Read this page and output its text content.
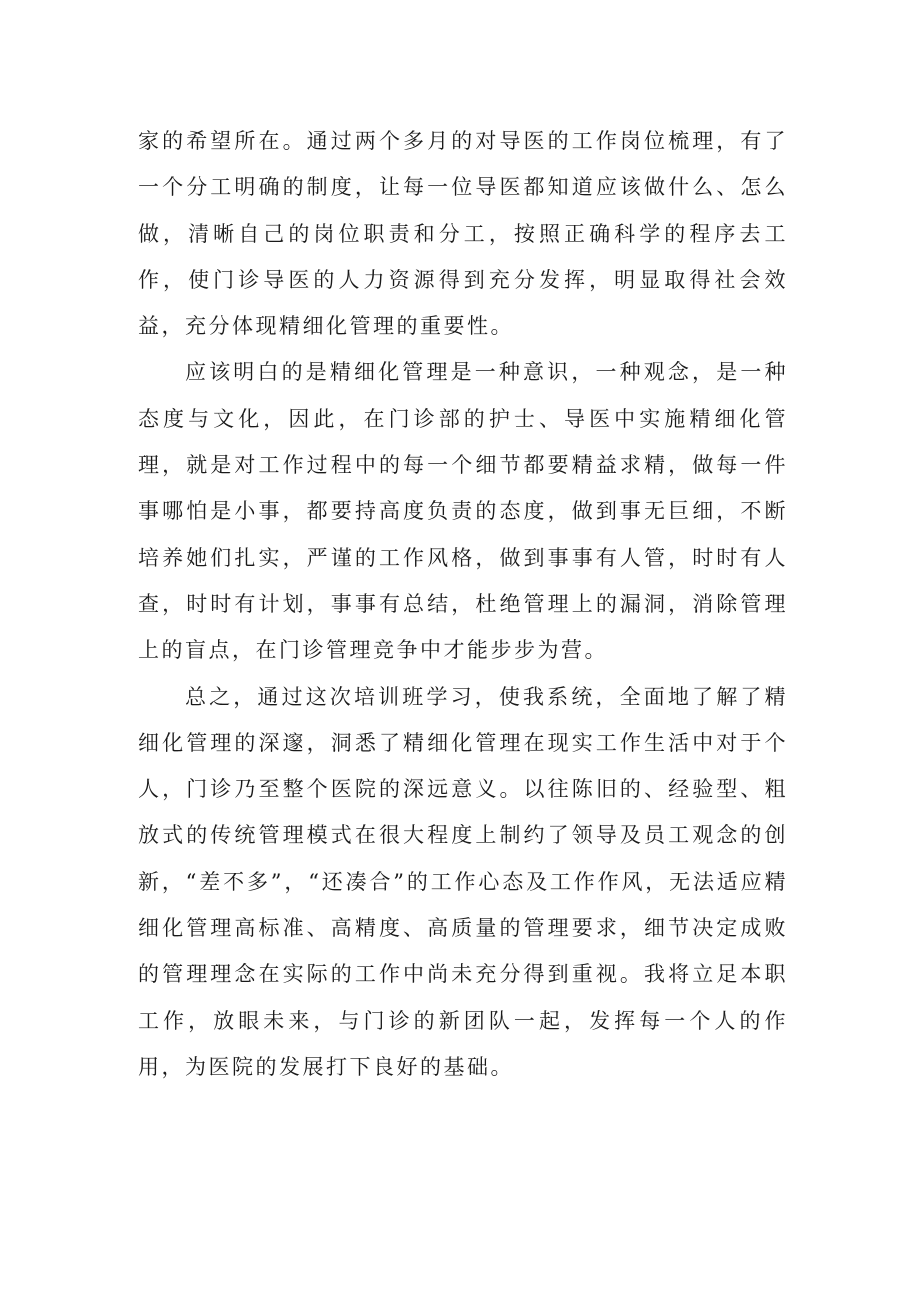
家的希望所在。通过两个多月的对导医的工作岗位梳理，有了一个分工明确的制度，让每一位导医都知道应该做什么、怎么做，清晰自己的岗位职责和分工，按照正确科学的程序去工作，使门诊导医的人力资源得到充分发挥，明显取得社会效益，充分体现精细化管理的重要性。

应该明白的是精细化管理是一种意识，一种观念，是一种态度与文化，因此，在门诊部的护士、导医中实施精细化管理，就是对工作过程中的每一个细节都要精益求精，做每一件事哪怕是小事，都要持高度负责的态度，做到事无巨细，不断培养她们扎实，严谨的工作风格，做到事事有人管，时时有人查，时时有计划，事事有总结，杜绝管理上的漏洞，消除管理上的盲点，在门诊管理竞争中才能步步为营。

总之，通过这次培训班学习，使我系统，全面地了解了精细化管理的深邃，洞悉了精细化管理在现实工作生活中对于个人，门诊乃至整个医院的深远意义。以往陈旧的、经验型、粗放式的传统管理模式在很大程度上制约了领导及员工观念的创新，“差不多”，“还凑合”的工作心态及工作作风，无法适应精细化管理高标准、高精度、高质量的管理要求，细节决定成败的管理理念在实际的工作中尚未充分得到重视。我将立足本职工作，放眼未来，与门诊的新团队一起，发挥每一个人的作用，为医院的发展打下良好的基础。
